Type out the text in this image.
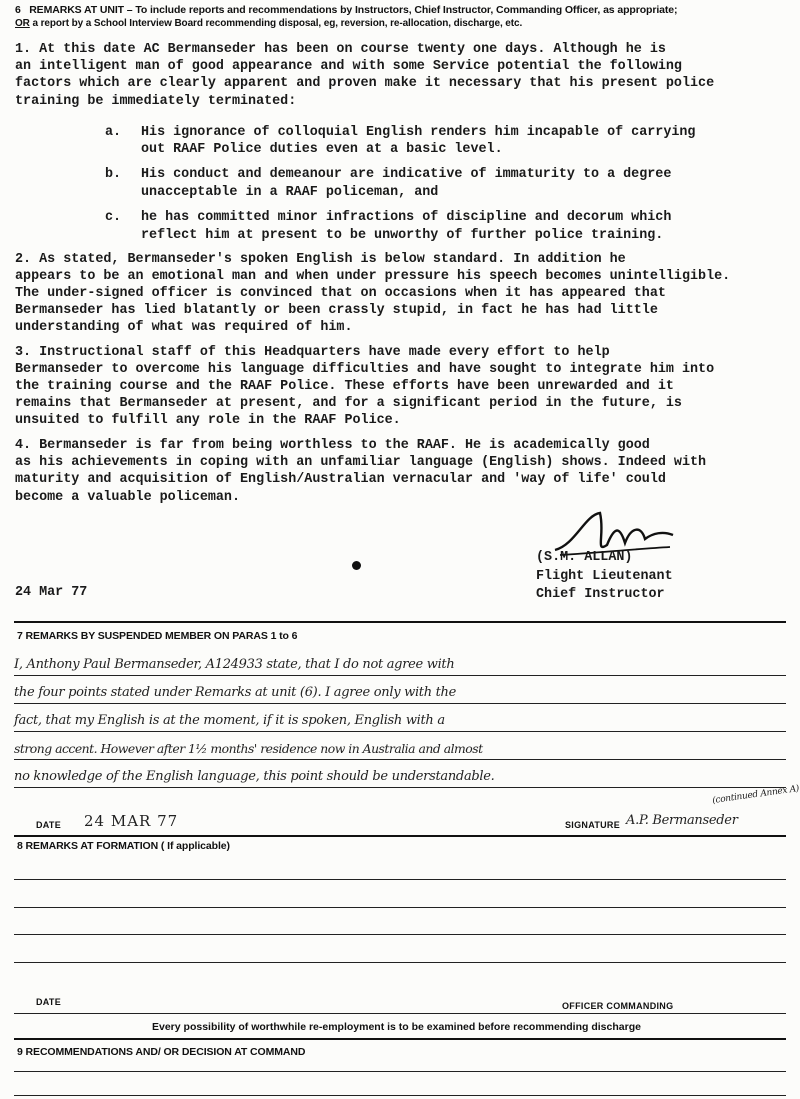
6 REMARKS AT UNIT – To include reports and recommendations by Instructors, Chief Instructor, Commanding Officer, as appropriate;
OR a report by a School Interview Board recommending disposal, eg, reversion, re-allocation, discharge, etc.
1. At this date AC Bermanseder has been on course twenty one days. Although he is
an intelligent man of good appearance and with some Service potential the following
factors which are clearly apparent and proven make it necessary that his present police
training be immediately terminated:
a. His ignorance of colloquial English renders him incapable of carrying
out RAAF Police duties even at a basic level.
b. His conduct and demeanour are indicative of immaturity to a degree
unacceptable in a RAAF policeman, and
c. he has committed minor infractions of discipline and decorum which
reflect him at present to be unworthy of further police training.
2. As stated, Bermanseder's spoken English is below standard. In addition he
appears to be an emotional man and when under pressure his speech becomes unintelligible.
The under-signed officer is convinced that on occasions when it has appeared that
Bermanseder has lied blatantly or been crassly stupid, in fact he has had little
understanding of what was required of him.
3. Instructional staff of this Headquarters have made every effort to help
Bermanseder to overcome his language difficulties and have sought to integrate him into
the training course and the RAAF Police. These efforts have been unrewarded and it
remains that Bermanseder at present, and for a significant period in the future, is
unsuited to fulfill any role in the RAAF Police.
4. Bermanseder is far from being worthless to the RAAF. He is academically good
as his achievements in coping with an unfamiliar language (English) shows. Indeed with
maturity and acquisition of English/Australian vernacular and 'way of life' could
become a valuable policeman.
(S.M. ALLAN)
Flight Lieutenant
Chief Instructor
24 Mar 77
7 REMARKS BY SUSPENDED MEMBER ON PARAS 1 to 6
I, Anthony Paul Bermanseder, A124933 state, that I do not agree with
the four points stated under Remarks at unit (6). I agree only with the
fact, that my English is at the moment, if it is spoken, English with a
strong accent. However after 1½ months' residence now in Australia and almost
no knowledge of the English language, this point should be understandable.
(continued Annex A)
DATE 24 MAR 77	SIGNATURE A.P. Bermanseder
8 REMARKS AT FORMATION ( If applicable)
DATE	OFFICER COMMANDING
Every possibility of worthwhile re-employment is to be examined before recommending discharge
9 RECOMMENDATIONS AND/ OR DECISION AT COMMAND
